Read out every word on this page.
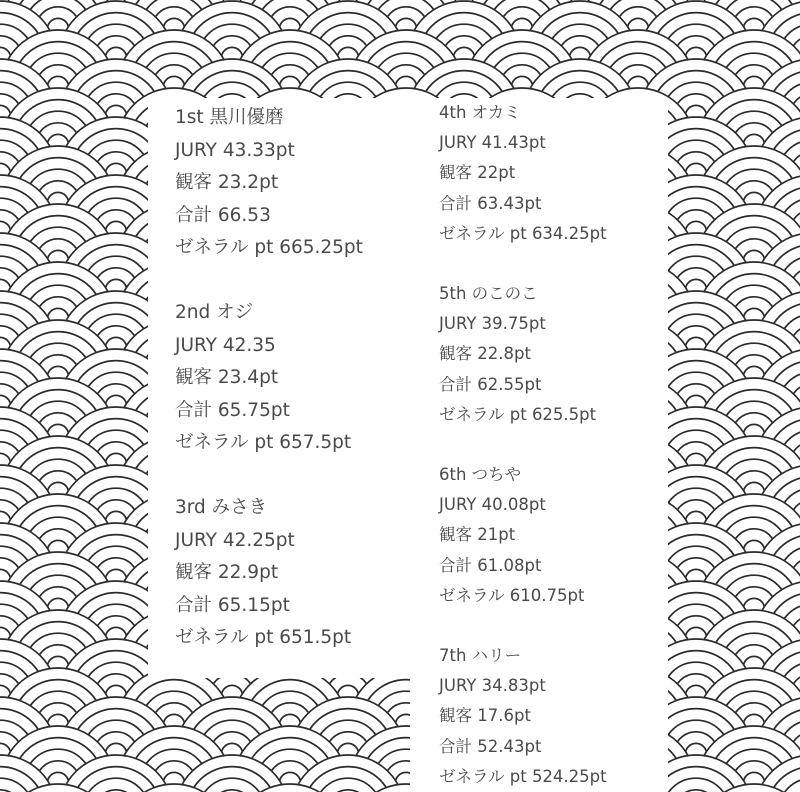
1st 黒川優磨
JURY 43.33pt
観客 23.2pt
合計 66.53
ゼネラル pt 665.25pt
2nd オジ
JURY 42.35
観客 23.4pt
合計 65.75pt
ゼネラル pt 657.5pt
3rd みさき
JURY 42.25pt
観客 22.9pt
合計 65.15pt
ゼネラル pt 651.5pt
4th オカミ
JURY 41.43pt
観客 22pt
合計 63.43pt
ゼネラル pt 634.25pt
5th のこのこ
JURY 39.75pt
観客 22.8pt
合計 62.55pt
ゼネラル pt 625.5pt
6th つちや
JURY 40.08pt
観客 21pt
合計 61.08pt
ゼネラル 610.75pt
7th ハリー
JURY 34.83pt
観客 17.6pt
合計 52.43pt
ゼネラル pt 524.25pt
